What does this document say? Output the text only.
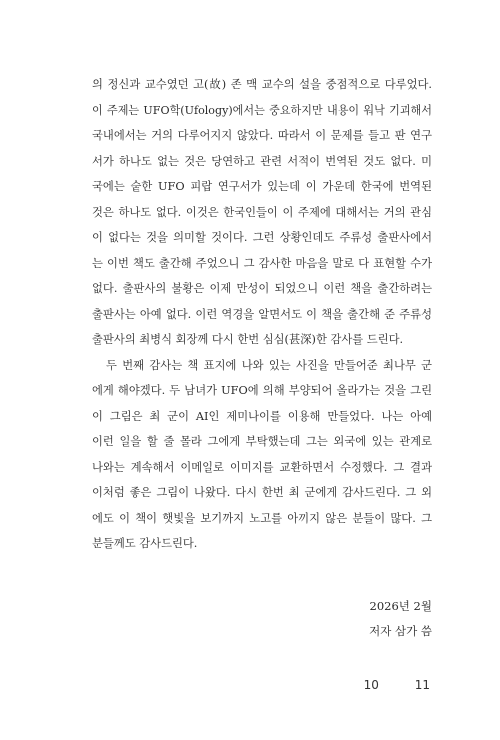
의 정신과 교수였던 고(故) 존 맥 교수의 설을 중점적으로 다루었다.
이 주제는 UFO학(Ufology)에서는 중요하지만 내용이 워낙 기괴해서
국내에서는 거의 다루어지지 않았다. 따라서 이 문제를 들고 판 연구
서가 하나도 없는 것은 당연하고 관련 서적이 번역된 것도 없다. 미
국에는 숱한 UFO 피랍 연구서가 있는데 이 가운데 한국에 번역된
것은 하나도 없다. 이것은 한국인들이 이 주제에 대해서는 거의 관심
이 없다는 것을 의미할 것이다. 그런 상황인데도 주류성 출판사에서
는 이번 책도 출간해 주었으니 그 감사한 마음을 말로 다 표현할 수가
없다. 출판사의 불황은 이제 만성이 되었으니 이런 책을 출간하려는
출판사는 아예 없다. 이런 역경을 알면서도 이 책을 출간해 준 주류성
출판사의 최병식 회장께 다시 한번 심심(甚深)한 감사를 드린다.
두 번째 감사는 책 표지에 나와 있는 사진을 만들어준 최나무 군
에게 해야겠다. 두 남녀가 UFO에 의해 부양되어 올라가는 것을 그린
이 그림은 최 군이 AI인 제미나이를 이용해 만들었다. 나는 아예
이런 일을 할 줄 몰라 그에게 부탁했는데 그는 외국에 있는 관계로
나와는 계속해서 이메일로 이미지를 교환하면서 수정했다. 그 결과
이처럼 좋은 그림이 나왔다. 다시 한번 최 군에게 감사드린다. 그 외
에도 이 책이 햇빛을 보기까지 노고를 아끼지 않은 분들이 많다. 그
분들께도 감사드린다.
2026년 2월
저자 삼가 씀
10	11
